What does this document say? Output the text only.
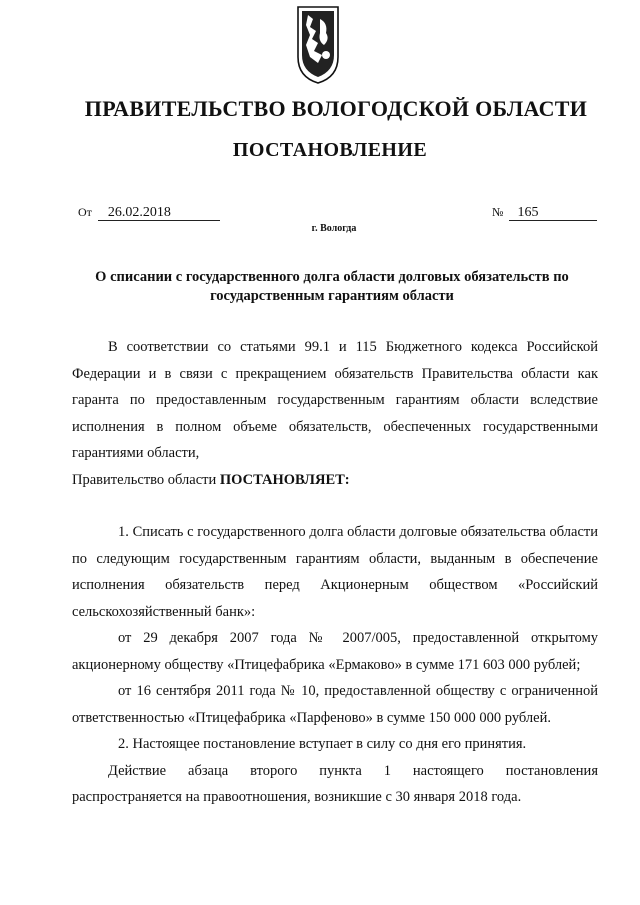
ПРАВИТЕЛЬСТВО ВОЛОГОДСКОЙ ОБЛАСТИ
ПОСТАНОВЛЕНИЕ
От 26.02.2018	№ 165
г. Вологда
О списании с государственного долга области долговых обязательств по государственным гарантиям области

В соответствии со статьями 99.1 и 115 Бюджетного кодекса Российской Федерации и в связи с прекращением обязательств Правительства области как гаранта по предоставленным государственным гарантиям области вследствие исполнения в полном объеме обязательств, обеспеченных государственными гарантиями области,

Правительство области ПОСТАНОВЛЯЕТ:

1. Списать с государственного долга области долговые обязательства области по следующим государственным гарантиям области, выданным в обеспечение исполнения обязательств перед Акционерным обществом «Российский сельскохозяйственный банк»:

от 29 декабря 2007 года № 2007/005, предоставленной открытому акционерному обществу «Птицефабрика «Ермаково» в сумме 171 603 000 рублей;

от 16 сентября 2011 года № 10, предоставленной обществу с ограниченной ответственностью «Птицефабрика «Парфеново» в сумме 150 000 000 рублей.

2. Настоящее постановление вступает в силу со дня его принятия.

Действие абзаца второго пункта 1 настоящего постановления распространяется на правоотношения, возникшие с 30 января 2018 года.
